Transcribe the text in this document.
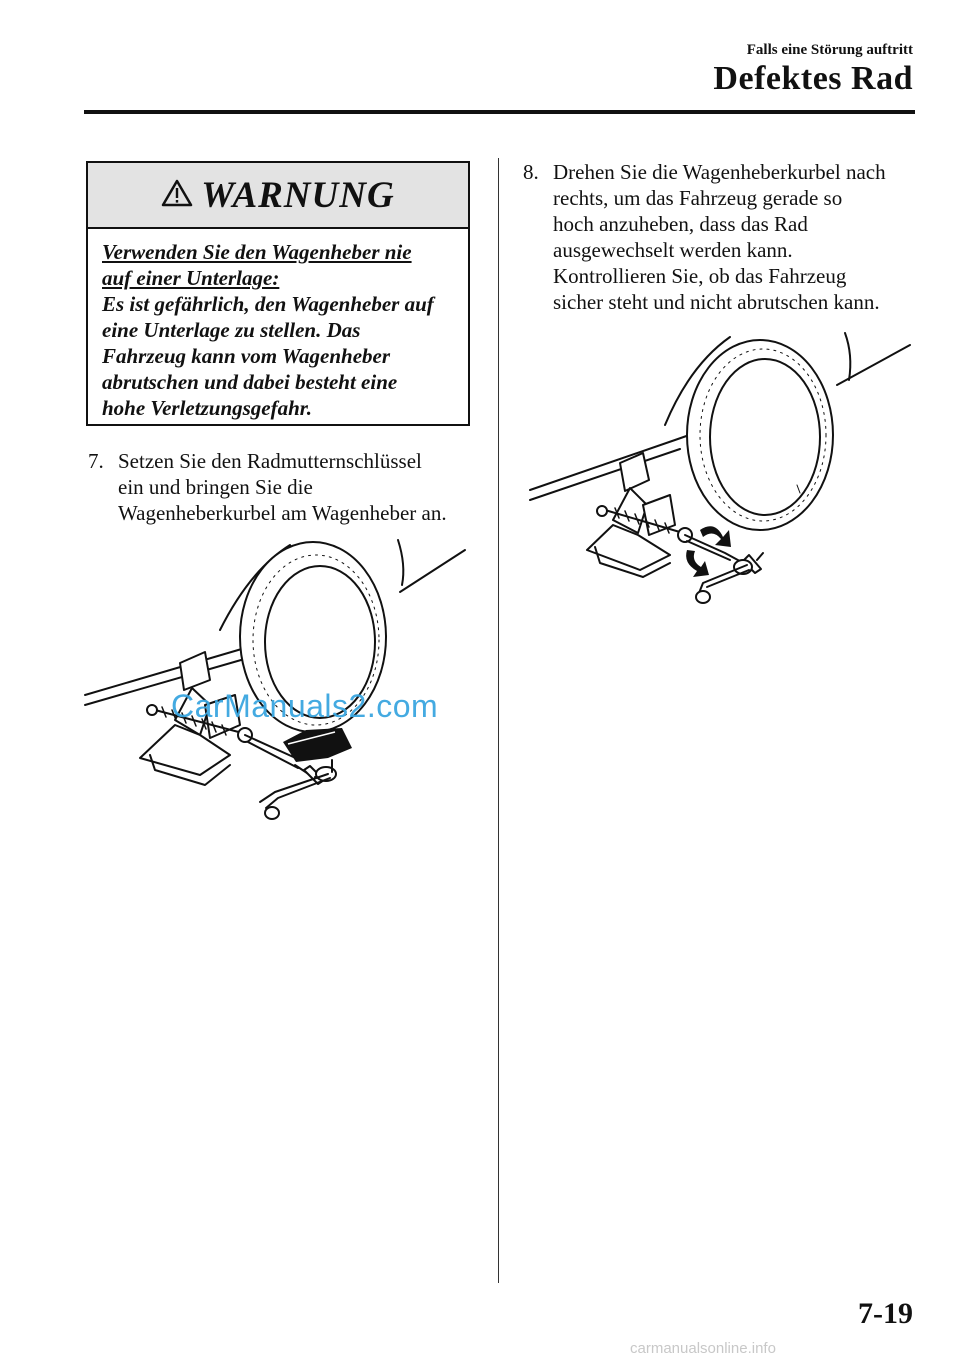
Falls eine Störung auftritt
Defektes Rad
WARNUNG
Verwenden Sie den Wagenheber nie
auf einer Unterlage:
Es ist gefährlich, den Wagenheber auf
eine Unterlage zu stellen. Das
Fahrzeug kann vom Wagenheber
abrutschen und dabei besteht eine
hohe Verletzungsgefahr.
7. Setzen Sie den Radmutternschlüssel
ein und bringen Sie die
Wagenheberkurbel am Wagenheber an.
CarManuals2.com
8. Drehen Sie die Wagenheberkurbel nach
rechts, um das Fahrzeug gerade so
hoch anzuheben, dass das Rad
ausgewechselt werden kann.
Kontrollieren Sie, ob das Fahrzeug
sicher steht und nicht abrutschen kann.
7-19
carmanualsonline.info
